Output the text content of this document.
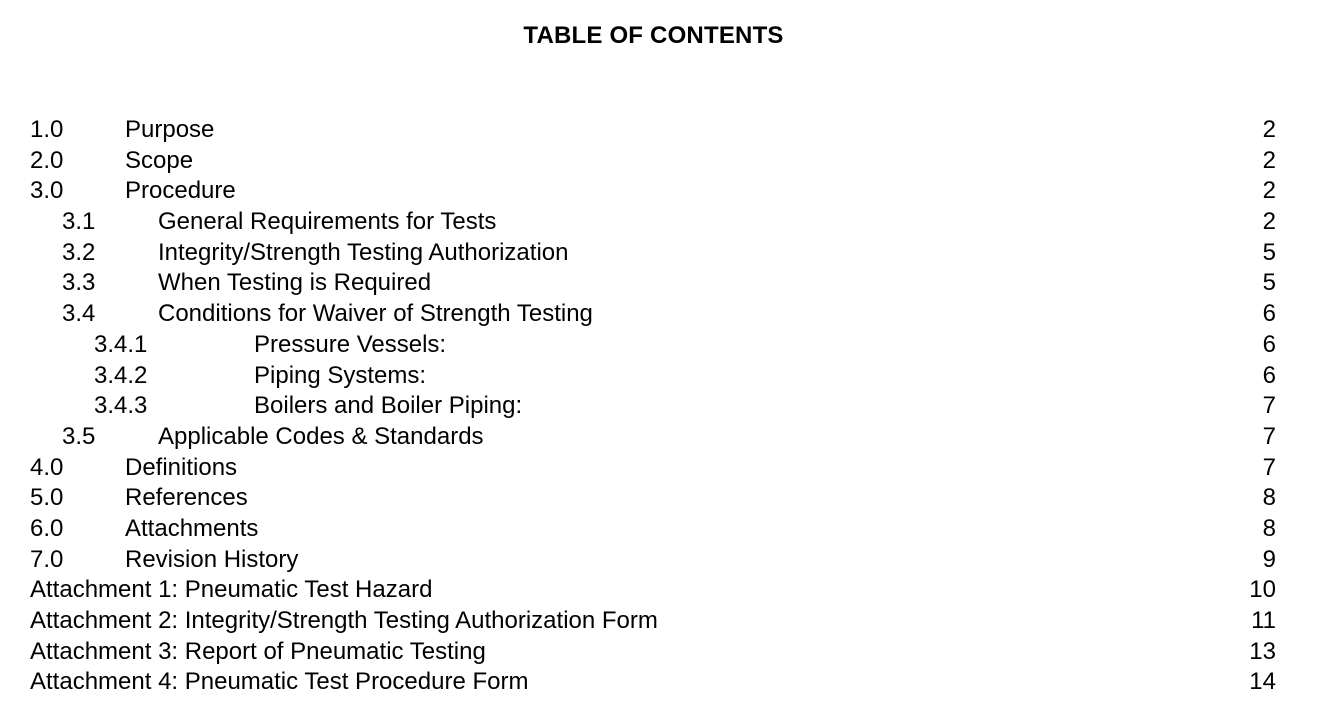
TABLE OF CONTENTS
1.0	Purpose	2
2.0	Scope	2
3.0	Procedure	2
3.1	General Requirements for Tests	2
3.2	Integrity/Strength Testing Authorization	5
3.3	When Testing is Required	5
3.4	Conditions for Waiver of Strength Testing	6
3.4.1	Pressure Vessels:	6
3.4.2	Piping Systems:	6
3.4.3	Boilers and Boiler Piping:	7
3.5	Applicable Codes & Standards	7
4.0	Definitions	7
5.0	References	8
6.0	Attachments	8
7.0	Revision History	9
Attachment 1: Pneumatic Test Hazard	10
Attachment 2: Integrity/Strength Testing Authorization Form	11
Attachment 3: Report of Pneumatic Testing	13
Attachment 4: Pneumatic Test Procedure Form	14
